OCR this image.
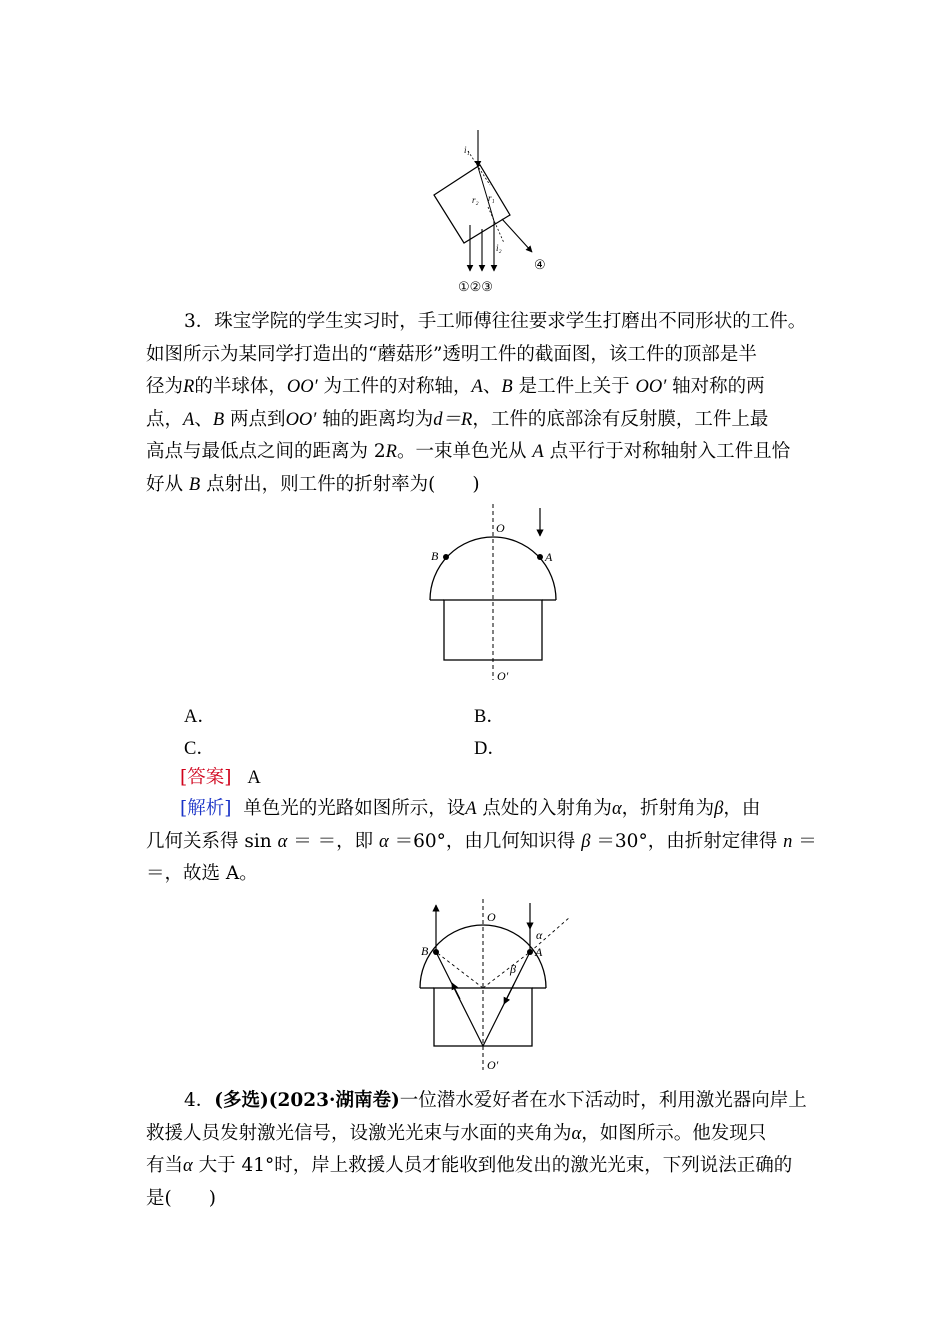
i₁
r₁
r₂
i₂
①②③
④
3．珠宝学院的学生实习时，手工师傅往往要求学生打磨出不同形状的工件。
如图所示为某同学打造出的“蘑菇形”透明工件的截面图，该工件的顶部是半
径为R的半球体，OO′ 为工件的对称轴，A、B 是工件上关于 OO′ 轴对称的两
点，A、B 两点到OO′ 轴的距离均为d＝R，工件的底部涂有反射膜，工件上最
高点与最低点之间的距离为 2R。一束单色光从 A 点平行于对称轴射入工件且恰
好从 B 点射出，则工件的折射率为(　　)
O
A
B
O′
A．	B．
C．	D．
[答案] A
[解析] 单色光的光路如图所示，设A 点处的入射角为α，折射角为β，由
几何关系得 sin α ＝ ＝，即 α ＝60°，由几何知识得 β ＝30°，由折射定律得 n ＝
＝，故选 A。
O
A
B
O′
α
β
4．(多选)(2023·湖南卷)一位潜水爱好者在水下活动时，利用激光器向岸上
救援人员发射激光信号，设激光光束与水面的夹角为α，如图所示。他发现只
有当α 大于 41°时，岸上救援人员才能收到他发出的激光光束，下列说法正确的
是(　　)
